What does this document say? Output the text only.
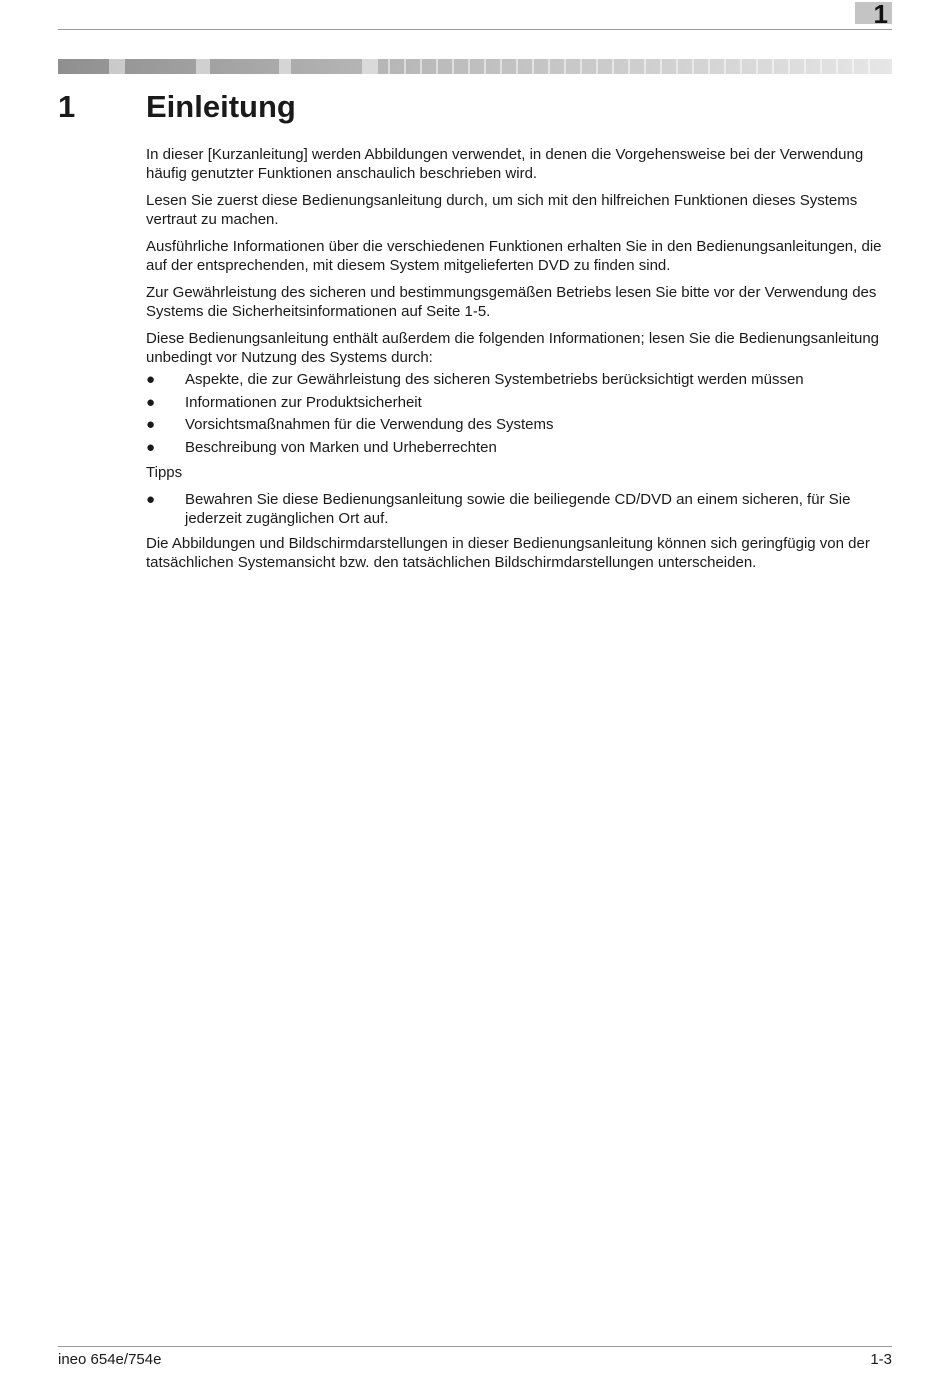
1
1 Einleitung

In dieser [Kurzanleitung] werden Abbildungen verwendet, in denen die Vorgehensweise bei der Verwendung häufig genutzter Funktionen anschaulich beschrieben wird.

Lesen Sie zuerst diese Bedienungsanleitung durch, um sich mit den hilfreichen Funktionen dieses Systems vertraut zu machen.

Ausführliche Informationen über die verschiedenen Funktionen erhalten Sie in den Bedienungsanleitungen, die auf der entsprechenden, mit diesem System mitgelieferten DVD zu finden sind.

Zur Gewährleistung des sicheren und bestimmungsgemäßen Betriebs lesen Sie bitte vor der Verwendung des Systems die Sicherheitsinformationen auf Seite 1-5.

Diese Bedienungsanleitung enthält außerdem die folgenden Informationen; lesen Sie die Bedienungsanleitung unbedingt vor Nutzung des Systems durch:

● Aspekte, die zur Gewährleistung des sicheren Systembetriebs berücksichtigt werden müssen
● Informationen zur Produktsicherheit
● Vorsichtsmaßnahmen für die Verwendung des Systems
● Beschreibung von Marken und Urheberrechten

Tipps

● Bewahren Sie diese Bedienungsanleitung sowie die beiliegende CD/DVD an einem sicheren, für Sie jederzeit zugänglichen Ort auf.

Die Abbildungen und Bildschirmdarstellungen in dieser Bedienungsanleitung können sich geringfügig von der tatsächlichen Systemansicht bzw. den tatsächlichen Bildschirmdarstellungen unterscheiden.

ineo 654e/754e	1-3
